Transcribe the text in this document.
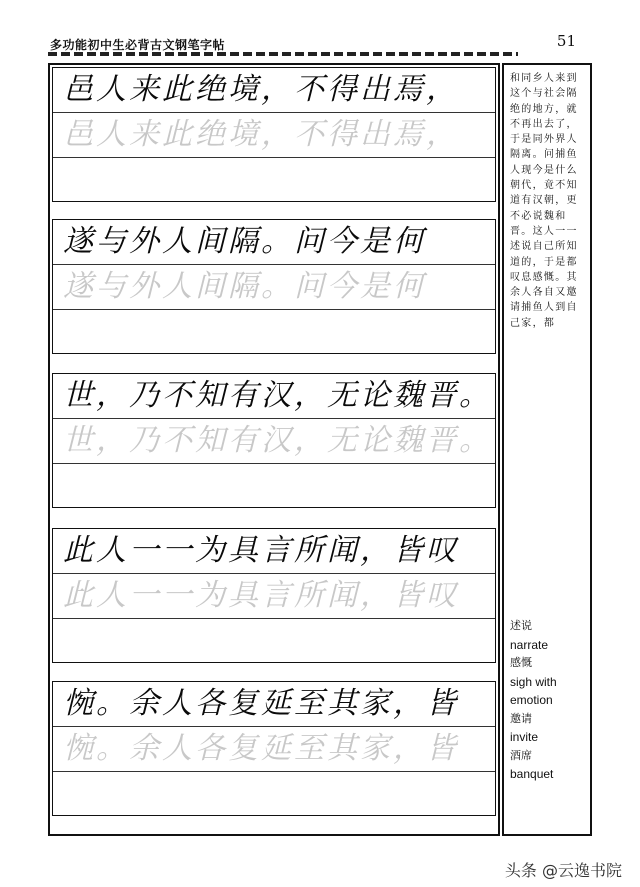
多功能初中生必背古文钢笔字帖	51
邑人来此绝境，不得出焉，
邑人来此绝境，不得出焉，
遂与外人间隔。问今是何
遂与外人间隔。问今是何
世，乃不知有汉，无论魏晋。
世，乃不知有汉，无论魏晋。
此人一一为具言所闻，皆叹
此人一一为具言所闻，皆叹
惋。余人各复延至其家，皆
惋。余人各复延至其家，皆
和同乡人来到这个与社会隔绝的地方，就不再出去了，于是同外界人隔离。问捕鱼人现今是什么朝代，竟不知道有汉朝，更不必说魏和晋。这人一一述说自己所知道的，于是都叹息感慨。其余人各自又邀请捕鱼人到自己家，都
述说
narrate
感慨
sigh with emotion
邀请
invite
酒席
banquet
头条 @云逸书院
